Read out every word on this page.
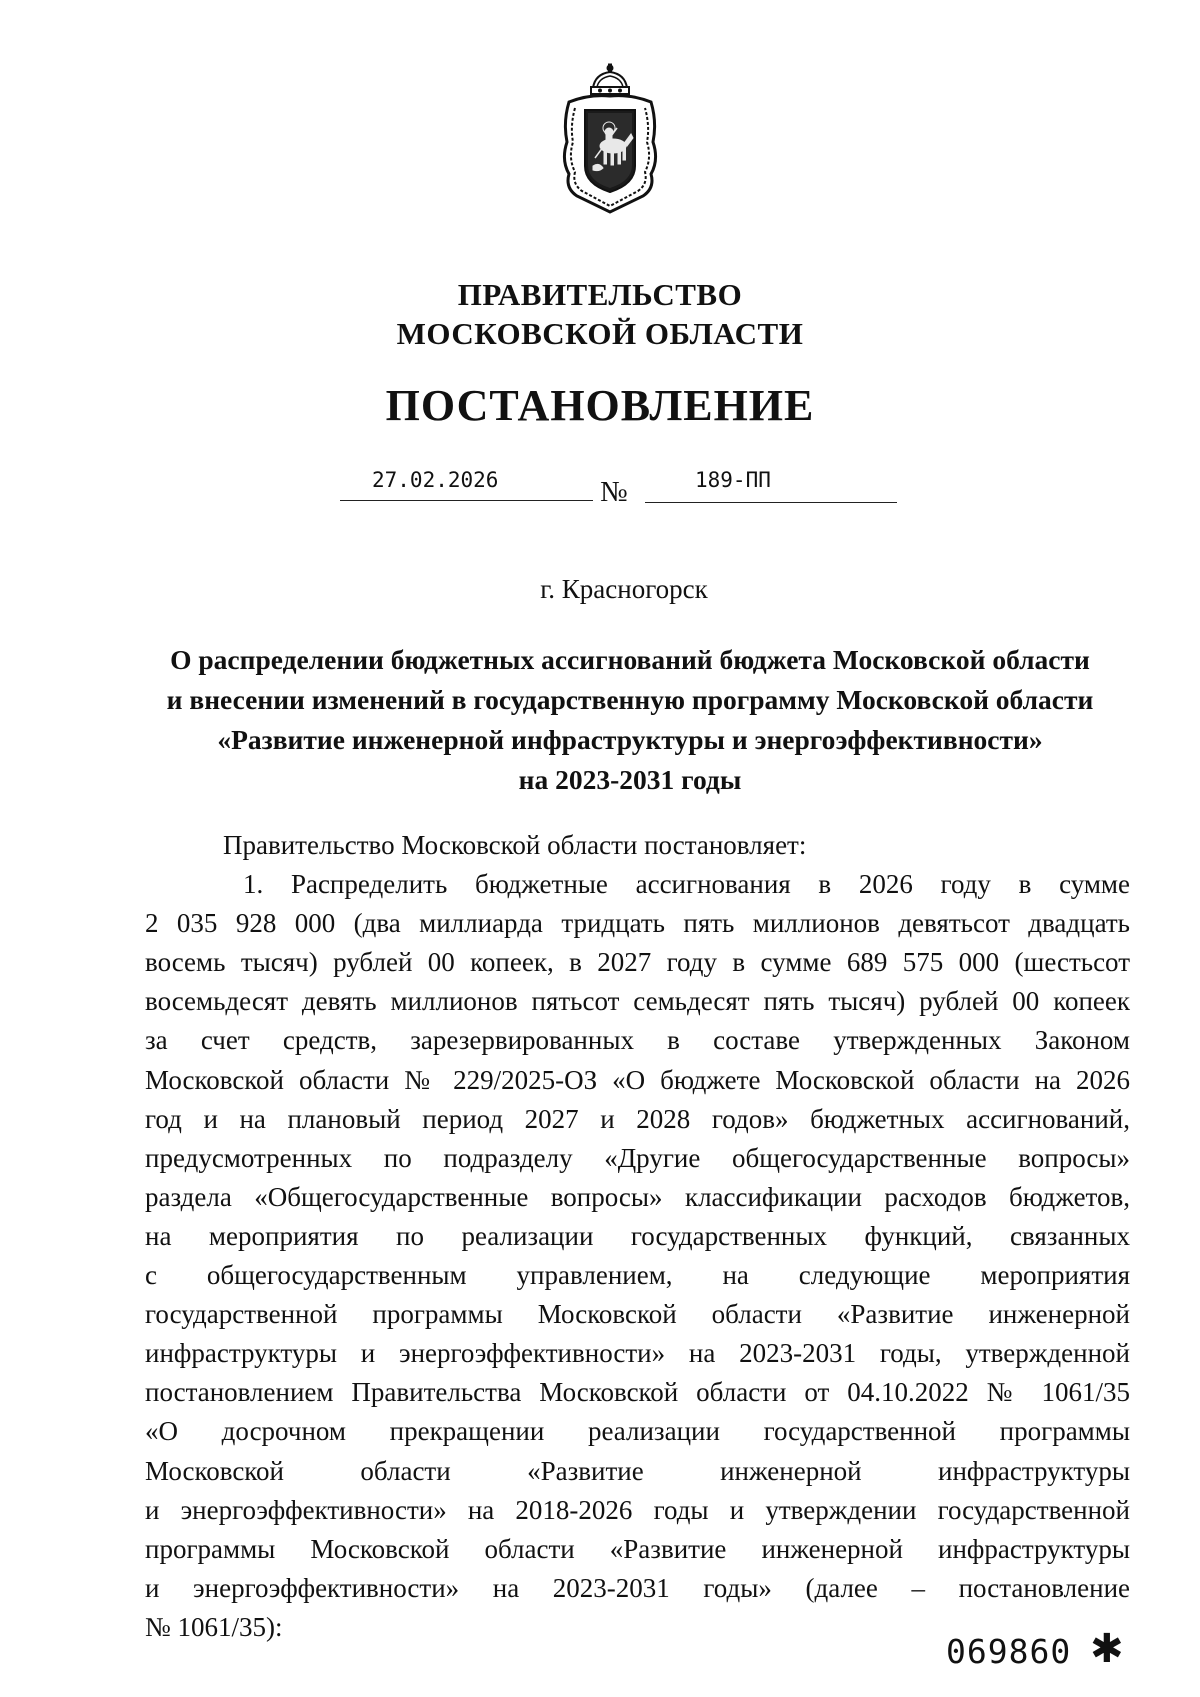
ПРАВИТЕЛЬСТВО
МОСКОВСКОЙ ОБЛАСТИ
ПОСТАНОВЛЕНИЕ
27.02.2026	№	189-ПП
г. Красногорск
О распределении бюджетных ассигнований бюджета Московской области
и внесении изменений в государственную программу Московской области
«Развитие инженерной инфраструктуры и энергоэффективности»
на 2023-2031 годы
Правительство Московской области постановляет:
1. Распределить бюджетные ассигнования в 2026 году в сумме
2 035 928 000 (два миллиарда тридцать пять миллионов девятьсот двадцать
восемь тысяч) рублей 00 копеек, в 2027 году в сумме 689 575 000 (шестьсот
восемьдесят девять миллионов пятьсот семьдесят пять тысяч) рублей 00 копеек
за счет средств, зарезервированных в составе утвержденных Законом
Московской области № 229/2025-ОЗ «О бюджете Московской области на 2026
год и на плановый период 2027 и 2028 годов» бюджетных ассигнований,
предусмотренных по подразделу «Другие общегосударственные вопросы»
раздела «Общегосударственные вопросы» классификации расходов бюджетов,
на мероприятия по реализации государственных функций, связанных
с общегосударственным управлением, на следующие мероприятия
государственной программы Московской области «Развитие инженерной
инфраструктуры и энергоэффективности» на 2023-2031 годы, утвержденной
постановлением Правительства Московской области от 04.10.2022 № 1061/35
«О досрочном прекращении реализации государственной программы
Московской области «Развитие инженерной инфраструктуры
и энергоэффективности» на 2018-2026 годы и утверждении государственной
программы Московской области «Развитие инженерной инфраструктуры
и энергоэффективности» на 2023-2031 годы» (далее – постановление
№ 1061/35):
069860 ✱
